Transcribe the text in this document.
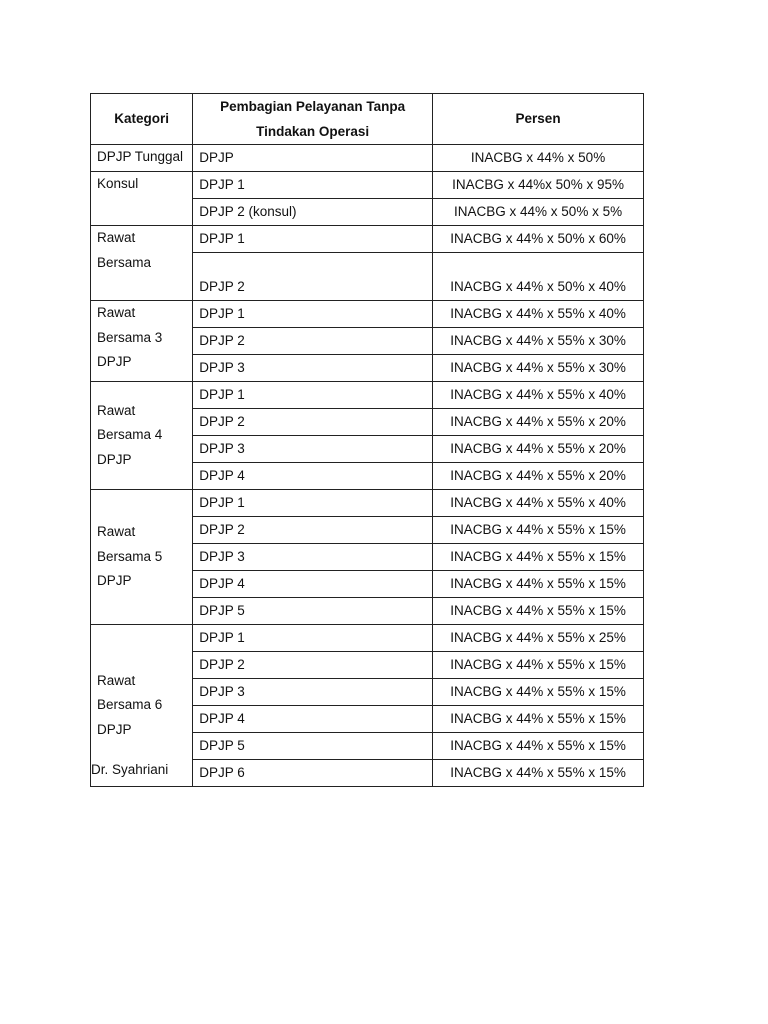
Kategori	Pembagian Pelayanan Tanpa Tindakan Operasi	Persen
DPJP Tunggal	DPJP	INACBG x 44% x 50%
Konsul	DPJP 1	INACBG x 44%x 50% x 95%
	DPJP 2 (konsul)	INACBG x 44% x 50% x 5%
Rawat Bersama	DPJP 1	INACBG x 44% x 50% x 60%
	DPJP 2	INACBG x 44% x 50% x 40%
Rawat Bersama 3 DPJP	DPJP 1	INACBG x 44% x 55% x 40%
	DPJP 2	INACBG x 44% x 55% x 30%
	DPJP 3	INACBG x 44% x 55% x 30%
Rawat Bersama 4 DPJP	DPJP 1	INACBG x 44% x 55% x 40%
	DPJP 2	INACBG x 44% x 55% x 20%
	DPJP 3	INACBG x 44% x 55% x 20%
	DPJP 4	INACBG x 44% x 55% x 20%
Rawat Bersama 5 DPJP	DPJP 1	INACBG x 44% x 55% x 40%
	DPJP 2	INACBG x 44% x 55% x 15%
	DPJP 3	INACBG x 44% x 55% x 15%
	DPJP 4	INACBG x 44% x 55% x 15%
	DPJP 5	INACBG x 44% x 55% x 15%
Rawat Bersama 6 DPJP	DPJP 1	INACBG x 44% x 55% x 25%
	DPJP 2	INACBG x 44% x 55% x 15%
	DPJP 3	INACBG x 44% x 55% x 15%
	DPJP 4	INACBG x 44% x 55% x 15%
	DPJP 5	INACBG x 44% x 55% x 15%
	DPJP 6	INACBG x 44% x 55% x 15%
Dr. Syahriani
